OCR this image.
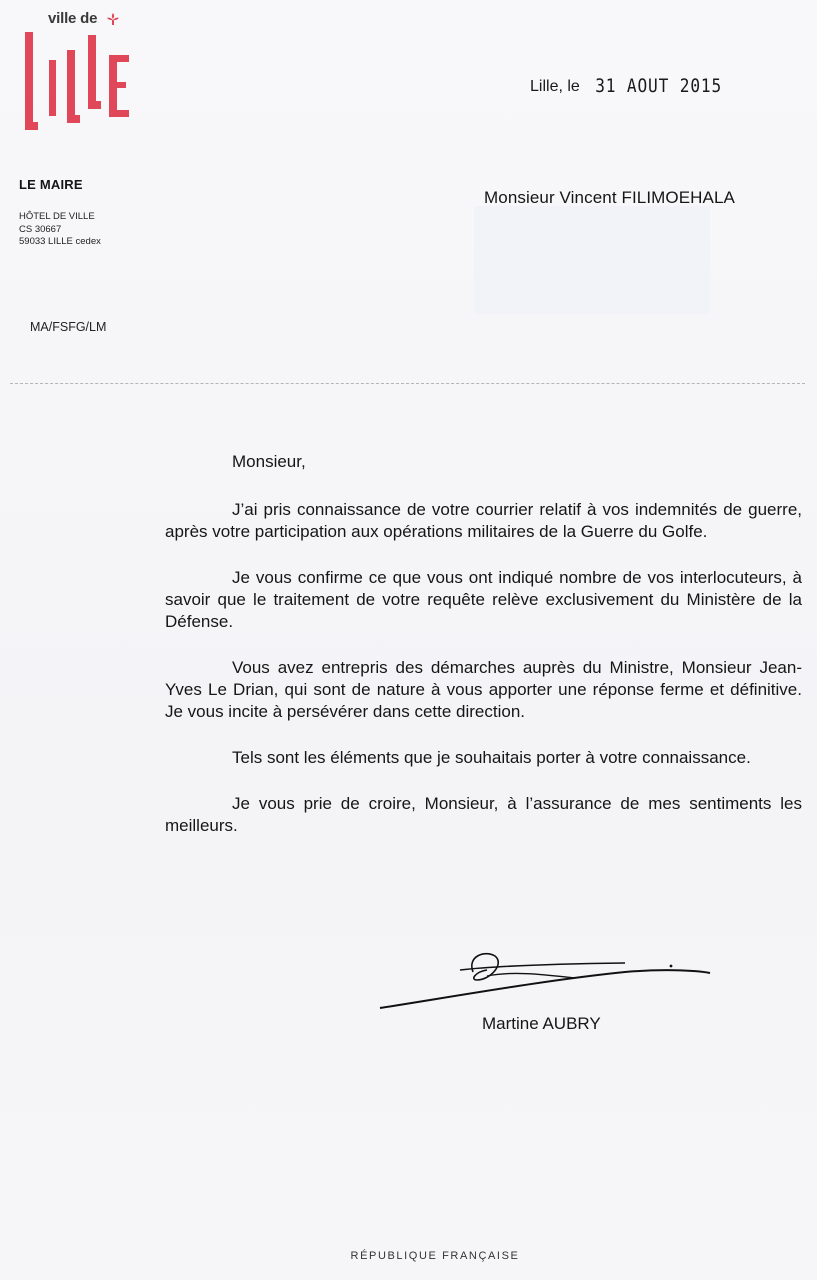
ville de
LE MAIRE
HÔTEL DE VILLE
CS 30667
59033 LILLE cedex
MA/FSFG/LM
Lille, le 31 AOUT 2015
Monsieur Vincent FILIMOEHALA

Monsieur,

J’ai pris connaissance de votre courrier relatif à vos indemnités de guerre, après votre participation aux opérations militaires de la Guerre du Golfe.

Je vous confirme ce que vous ont indiqué nombre de vos interlocuteurs, à savoir que le traitement de votre requête relève exclusivement du Ministère de la Défense.

Vous avez entrepris des démarches auprès du Ministre, Monsieur Jean-Yves Le Drian, qui sont de nature à vous apporter une réponse ferme et définitive. Je vous incite à persévérer dans cette direction.

Tels sont les éléments que je souhaitais porter à votre connaissance.

Je vous prie de croire, Monsieur, à l’assurance de mes sentiments les meilleurs.

Martine AUBRY
RÉPUBLIQUE FRANÇAISE
